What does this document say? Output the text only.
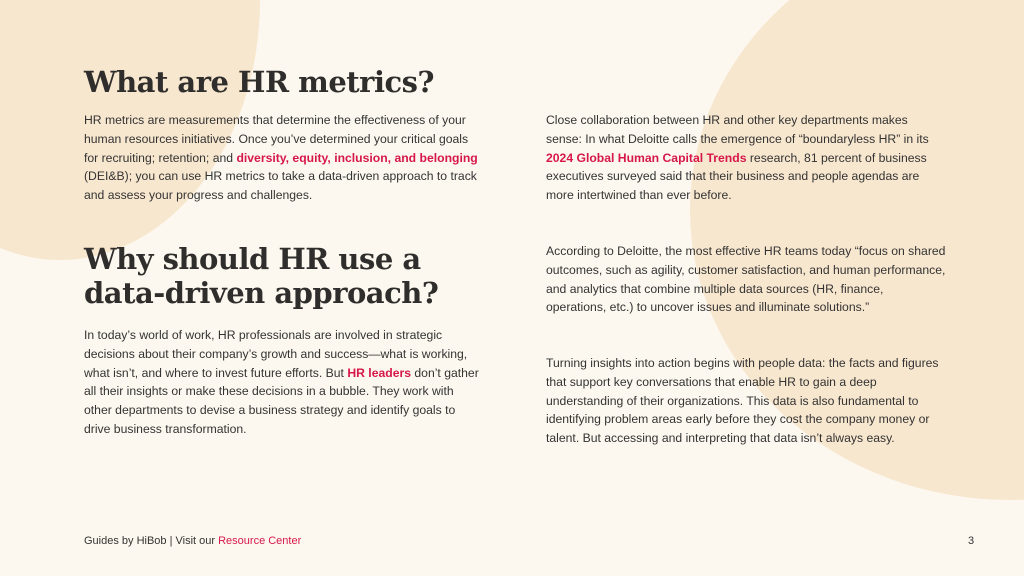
What are HR metrics?

HR metrics are measurements that determine the effectiveness of your human resources initiatives. Once you’ve determined your critical goals for recruiting; retention; and diversity, equity, inclusion, and belonging (DEI&B); you can use HR metrics to take a data-driven approach to track and assess your progress and challenges.

Why should HR use a data-driven approach?

In today’s world of work, HR professionals are involved in strategic decisions about their company’s growth and success—what is working, what isn’t, and where to invest future efforts. But HR leaders don’t gather all their insights or make these decisions in a bubble. They work with other departments to devise a business strategy and identify goals to drive business transformation.

Close collaboration between HR and other key departments makes sense: In what Deloitte calls the emergence of “boundaryless HR” in its 2024 Global Human Capital Trends research, 81 percent of business executives surveyed said that their business and people agendas are more intertwined than ever before.

According to Deloitte, the most effective HR teams today “focus on shared outcomes, such as agility, customer satisfaction, and human performance, and analytics that combine multiple data sources (HR, finance, operations, etc.) to uncover issues and illuminate solutions.”

Turning insights into action begins with people data: the facts and figures that support key conversations that enable HR to gain a deep understanding of their organizations. This data is also fundamental to identifying problem areas early before they cost the company money or talent. But accessing and interpreting that data isn’t always easy.

Guides by HiBob | Visit our Resource Center	3
